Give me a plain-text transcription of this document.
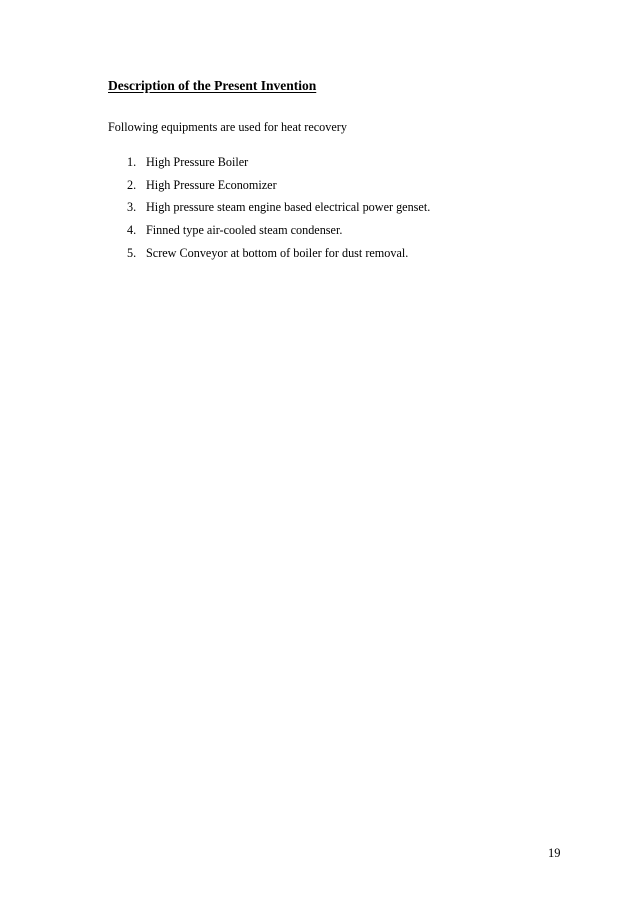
Description of the Present Invention
Following equipments are used for heat recovery
1. High Pressure Boiler
2. High Pressure Economizer
3. High pressure steam engine based electrical power genset.
4. Finned type air-cooled steam condenser.
5. Screw Conveyor at bottom of boiler for dust removal.
19
